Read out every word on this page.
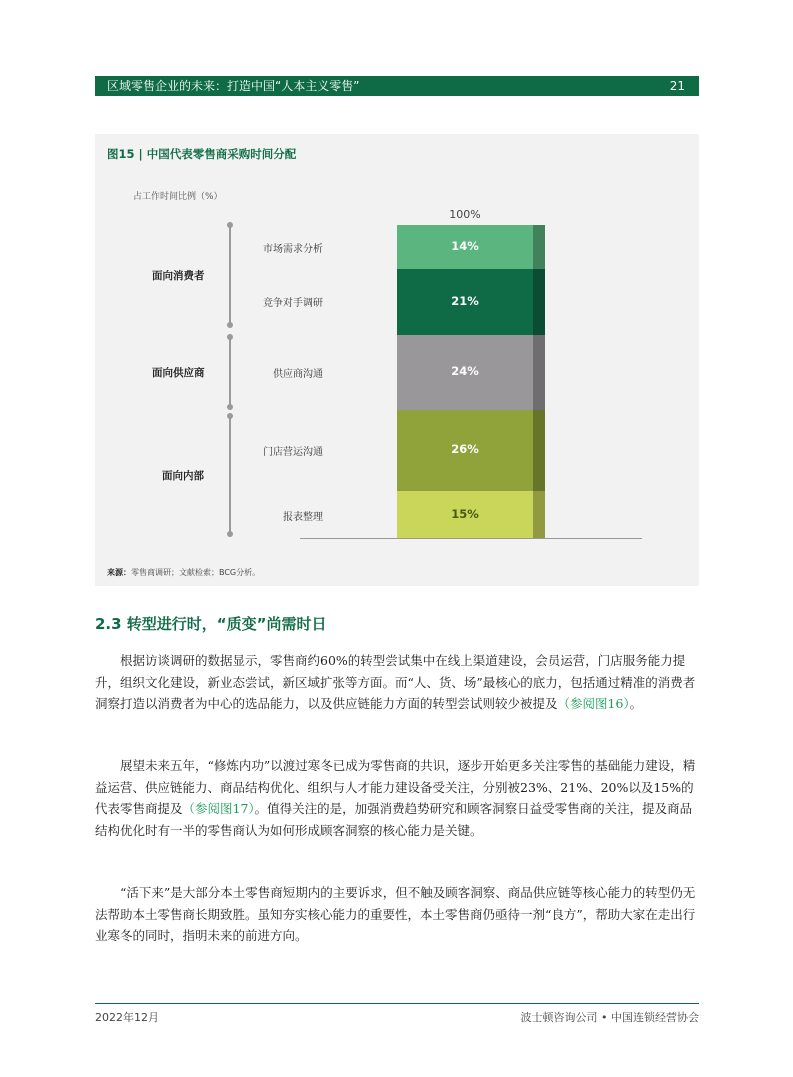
区域零售企业的未来：打造中国“人本主义零售”	21
图15 | 中国代表零售商采购时间分配
占工作时间比例（%）
面向消费者
面向供应商
面向内部
市场需求分析
竞争对手调研
供应商沟通
门店营运沟通
报表整理
100%
14%
21%
24%
26%
15%
来源：零售商调研；文献检索；BCG分析。
2.3 转型进行时，“质变”尚需时日

根据访谈调研的数据显示，零售商约60%的转型尝试集中在线上渠道建设，会员运营，门店服务能力提升，组织文化建设，新业态尝试，新区域扩张等方面。而“人、货、场”最核心的底力，包括通过精准的消费者洞察打造以消费者为中心的选品能力，以及供应链能力方面的转型尝试则较少被提及（参阅图16）。

展望未来五年，“修炼内功”以渡过寒冬已成为零售商的共识，逐步开始更多关注零售的基础能力建设，精益运营、供应链能力、商品结构优化、组织与人才能力建设备受关注，分别被23%、21%、20%以及15%的代表零售商提及（参阅图17）。值得关注的是，加强消费趋势研究和顾客洞察日益受零售商的关注，提及商品结构优化时有一半的零售商认为如何形成顾客洞察的核心能力是关键。

“活下来”是大部分本土零售商短期内的主要诉求，但不触及顾客洞察、商品供应链等核心能力的转型仍无法帮助本土零售商长期致胜。虽知夯实核心能力的重要性，本土零售商仍亟待一剂“良方”，帮助大家在走出行业寒冬的同时，指明未来的前进方向。

2022年12月	波士顿咨询公司 • 中国连锁经营协会
